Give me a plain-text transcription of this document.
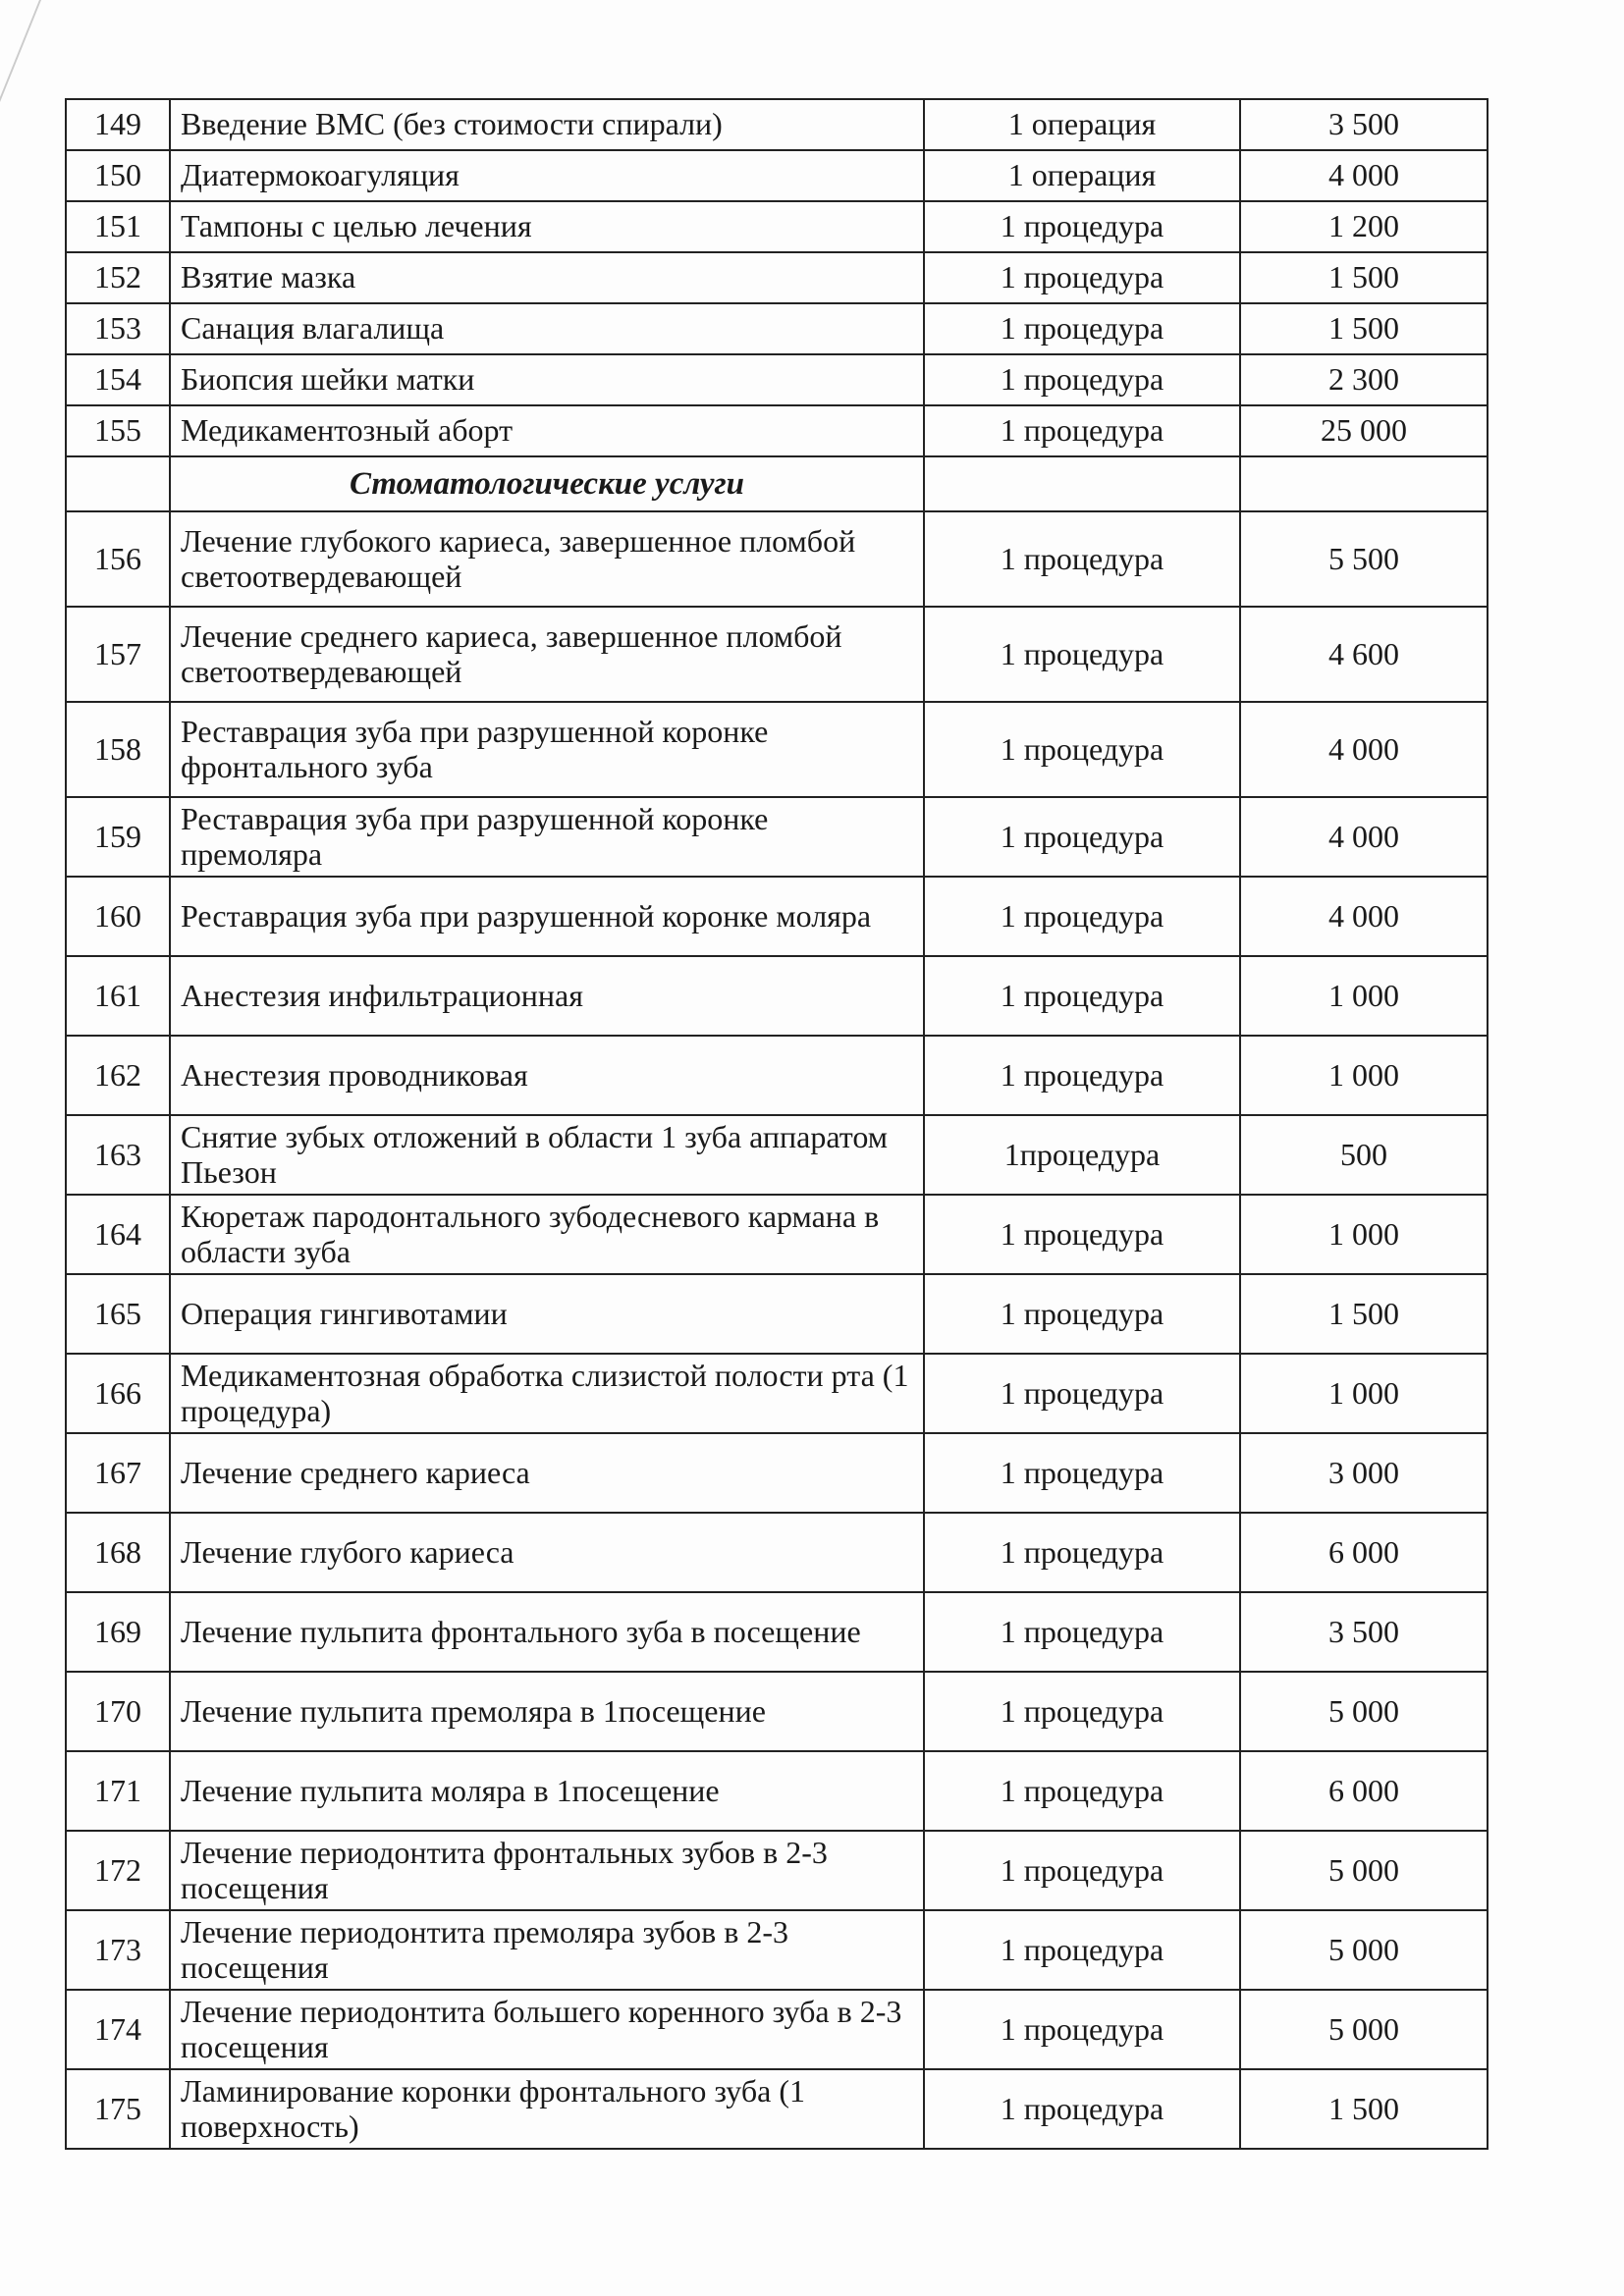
149	Введение ВМС (без стоимости спирали)	1 операция	3 500
150	Диатермокоагуляция	1 операция	4 000
151	Тампоны с целью лечения	1 процедура	1 200
152	Взятие мазка	1 процедура	1 500
153	Санация влагалища	1 процедура	1 500
154	Биопсия шейки матки	1 процедура	2 300
155	Медикаментозный аборт	1 процедура	25 000
	Стоматологические услуги		
156	Лечение глубокого кариеса, завершенное пломбой светоотвердевающей	1 процедура	5 500
157	Лечение среднего кариеса, завершенное пломбой светоотвердевающей	1 процедура	4 600
158	Реставрация зуба при разрушенной коронке фронтального зуба	1 процедура	4 000
159	Реставрация зуба при разрушенной коронке премоляра	1 процедура	4 000
160	Реставрация зуба при разрушенной коронке моляра	1 процедура	4 000
161	Анестезия инфильтрационная	1 процедура	1 000
162	Анестезия проводниковая	1 процедура	1 000
163	Снятие зубых отложений в области 1 зуба аппаратом Пьезон	1процедура	500
164	Кюретаж пародонтального зубодесневого кармана в области зуба	1 процедура	1 000
165	Операция гингивотамии	1 процедура	1 500
166	Медикаментозная обработка слизистой полости рта (1 процедура)	1 процедура	1 000
167	Лечение среднего кариеса	1 процедура	3 000
168	Лечение глубого кариеса	1 процедура	6 000
169	Лечение пульпита фронтального зуба в посещение	1 процедура	3 500
170	Лечение пульпита премоляра в 1посещение	1 процедура	5 000
171	Лечение пульпита моляра в 1посещение	1 процедура	6 000
172	Лечение периодонтита фронтальных зубов в 2-3 посещения	1 процедура	5 000
173	Лечение периодонтита премоляра зубов в 2-3 посещения	1 процедура	5 000
174	Лечение периодонтита большего коренного зуба в 2-3 посещения	1 процедура	5 000
175	Ламинирование коронки фронтального зуба (1 поверхность)	1 процедура	1 500
